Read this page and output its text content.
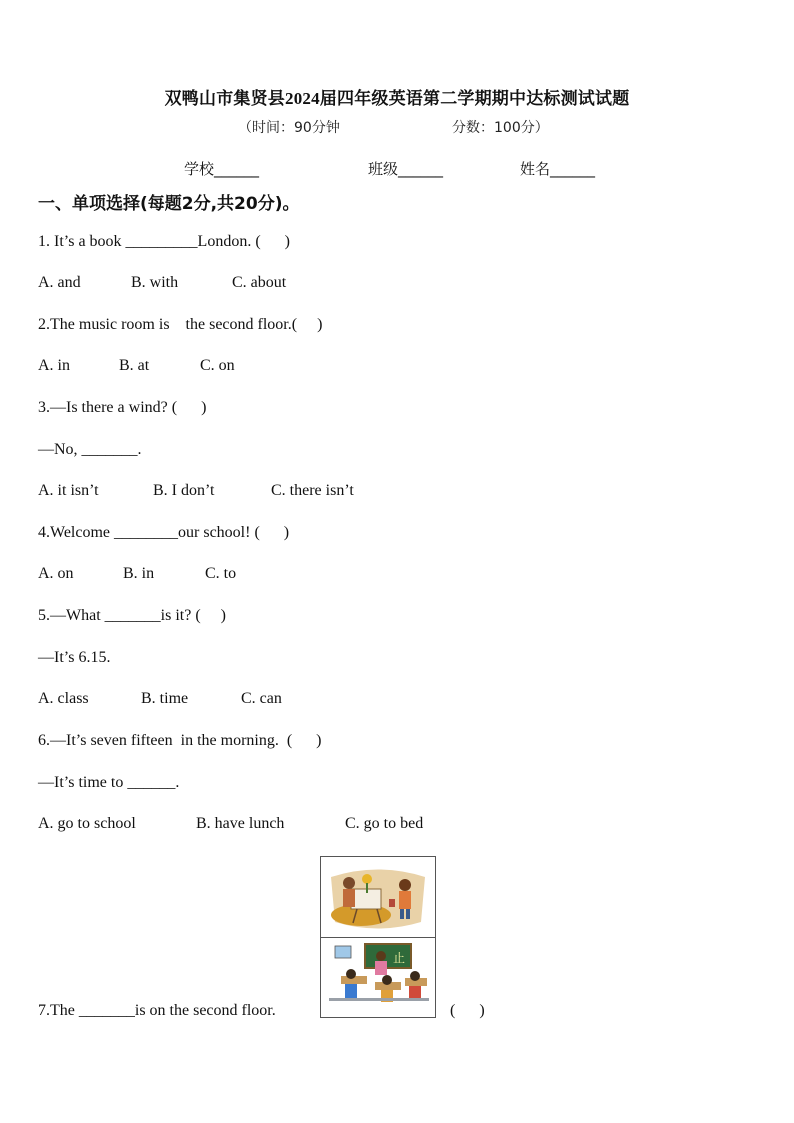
双鸭山市集贤县2024届四年级英语第二学期期中达标测试试题
（时间：90分钟	分数：100分）
学校______	班级______	姓名______
一、单项选择(每题2分,共20分)。
1. It’s a book _________London. (      )
A. and	B. with	C. about
2.The music room is    the second floor.(     )
A. in	B. at	C. on
3.—Is there a wind? (      )
—No, _______.
A. it isn’t	B. I don’t	C. there isn’t
4.Welcome ________our school! (      )
A. on	B. in	C. to
5.—What _______is it? (     )
—It’s 6.15.
A. class	B. time	C. can
6.—It’s seven fifteen  in the morning.  (      )
—It’s time to ______.
A. go to school	B. have lunch	C. go to bed
止
7.The _______is on the second floor.	(      )
